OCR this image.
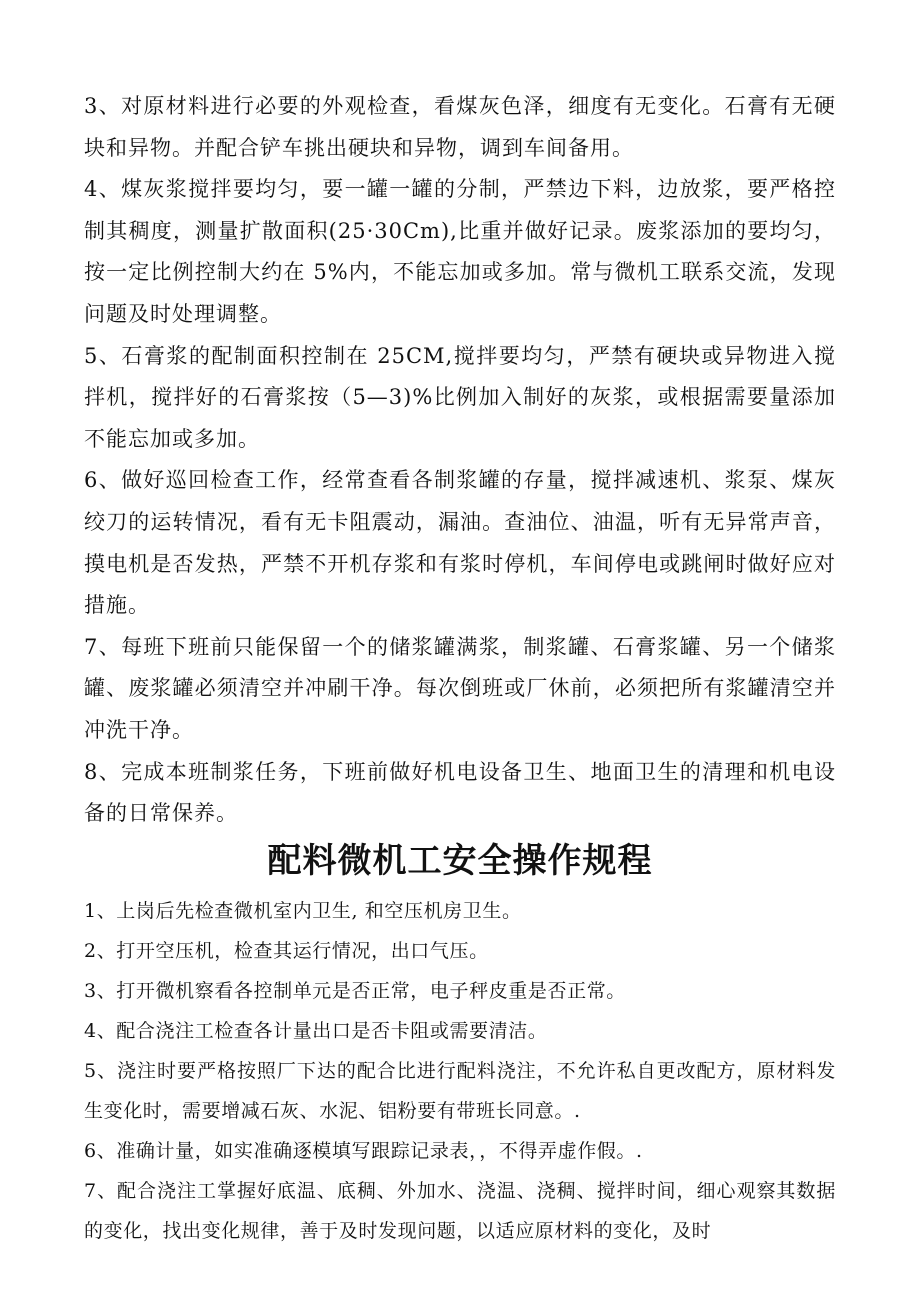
3、对原材料进行必要的外观检查，看煤灰色泽，细度有无变化。石膏有无硬块和异物。并配合铲车挑出硬块和异物，调到车间备用。

4、煤灰浆搅拌要均匀，要一罐一罐的分制，严禁边下料，边放浆，要严格控制其稠度，测量扩散面积(25·30Cm),比重并做好记录。废浆添加的要均匀，按一定比例控制大约在 5%内，不能忘加或多加。常与微机工联系交流，发现问题及时处理调整。

5、石膏浆的配制面积控制在 25CM,搅拌要均匀，严禁有硬块或异物进入搅拌机，搅拌好的石膏浆按（5—3)%比例加入制好的灰浆，或根据需要量添加不能忘加或多加。

6、做好巡回检查工作，经常查看各制浆罐的存量，搅拌减速机、浆泵、煤灰绞刀的运转情况，看有无卡阻震动，漏油。查油位、油温，听有无异常声音，摸电机是否发热，严禁不开机存浆和有浆时停机，车间停电或跳闸时做好应对措施。

7、每班下班前只能保留一个的储浆罐满浆，制浆罐、石膏浆罐、另一个储浆罐、废浆罐必须清空并冲刷干净。每次倒班或厂休前，必须把所有浆罐清空并冲洗干净。

8、完成本班制浆任务，下班前做好机电设备卫生、地面卫生的清理和机电设备的日常保养。

配料微机工安全操作规程

1、上岗后先检查微机室内卫生, 和空压机房卫生。

2、打开空压机，检查其运行情况，出口气压。

3、打开微机察看各控制单元是否正常，电子秤皮重是否正常。

4、配合浇注工检查各计量出口是否卡阻或需要清洁。

5、浇注时要严格按照厂下达的配合比进行配料浇注，不允许私自更改配方，原材料发生变化时，需要增减石灰、水泥、铝粉要有带班长同意。.

6、准确计量，如实准确逐模填写跟踪记录表，，不得弄虚作假。.

7、配合浇注工掌握好底温、底稠、外加水、浇温、浇稠、搅拌时间，细心观察其数据的变化，找出变化规律，善于及时发现问题，以适应原材料的变化，及时
